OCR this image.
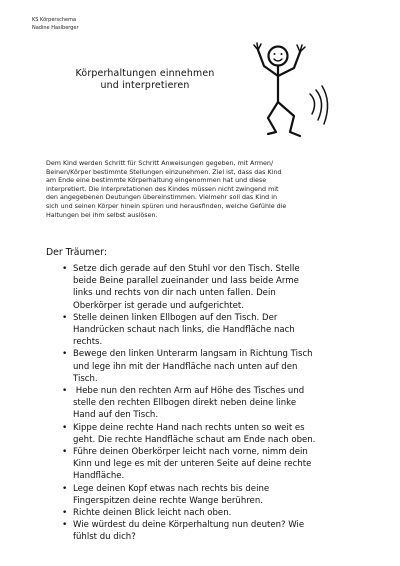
KS Körperschema
Nadine Haslberger
Körperhaltungen einnehmen
und interpretieren
Dem Kind werden Schritt für Schritt Anweisungen gegeben, mit Armen/
Beinen/Körper bestimmte Stellungen einzunehmen. Ziel ist, dass das Kind
am Ende eine bestimmte Körperhaltung eingenommen hat und diese
interpretiert. Die Interpretationen des Kindes müssen nicht zwingend mit
den angegebenen Deutungen übereinstimmen. Vielmehr soll das Kind in
sich und seinen Körper hinein spüren und herausfinden, welche Gefühle die
Haltungen bei ihm selbst auslösen.
Der Träumer:
• Setze dich gerade auf den Stuhl vor den Tisch. Stelle
beide Beine parallel zueinander und lass beide Arme
links und rechts von dir nach unten fallen. Dein
Oberkörper ist gerade und aufgerichtet.
• Stelle deinen linken Ellbogen auf den Tisch. Der
Handrücken schaut nach links, die Handfläche nach
rechts.
• Bewege den linken Unterarm langsam in Richtung Tisch
und lege ihn mit der Handfläche nach unten auf den
Tisch.
• Hebe nun den rechten Arm auf Höhe des Tisches und
stelle den rechten Ellbogen direkt neben deine linke
Hand auf den Tisch.
• Kippe deine rechte Hand nach rechts unten so weit es
geht. Die rechte Handfläche schaut am Ende nach oben.
• Führe deinen Oberkörper leicht nach vorne, nimm dein
Kinn und lege es mit der unteren Seite auf deine rechte
Handfläche.
• Lege deinen Kopf etwas nach rechts bis deine
Fingerspitzen deine rechte Wange berühren.
• Richte deinen Blick leicht nach oben.
• Wie würdest du deine Körperhaltung nun deuten? Wie
fühlst du dich?
